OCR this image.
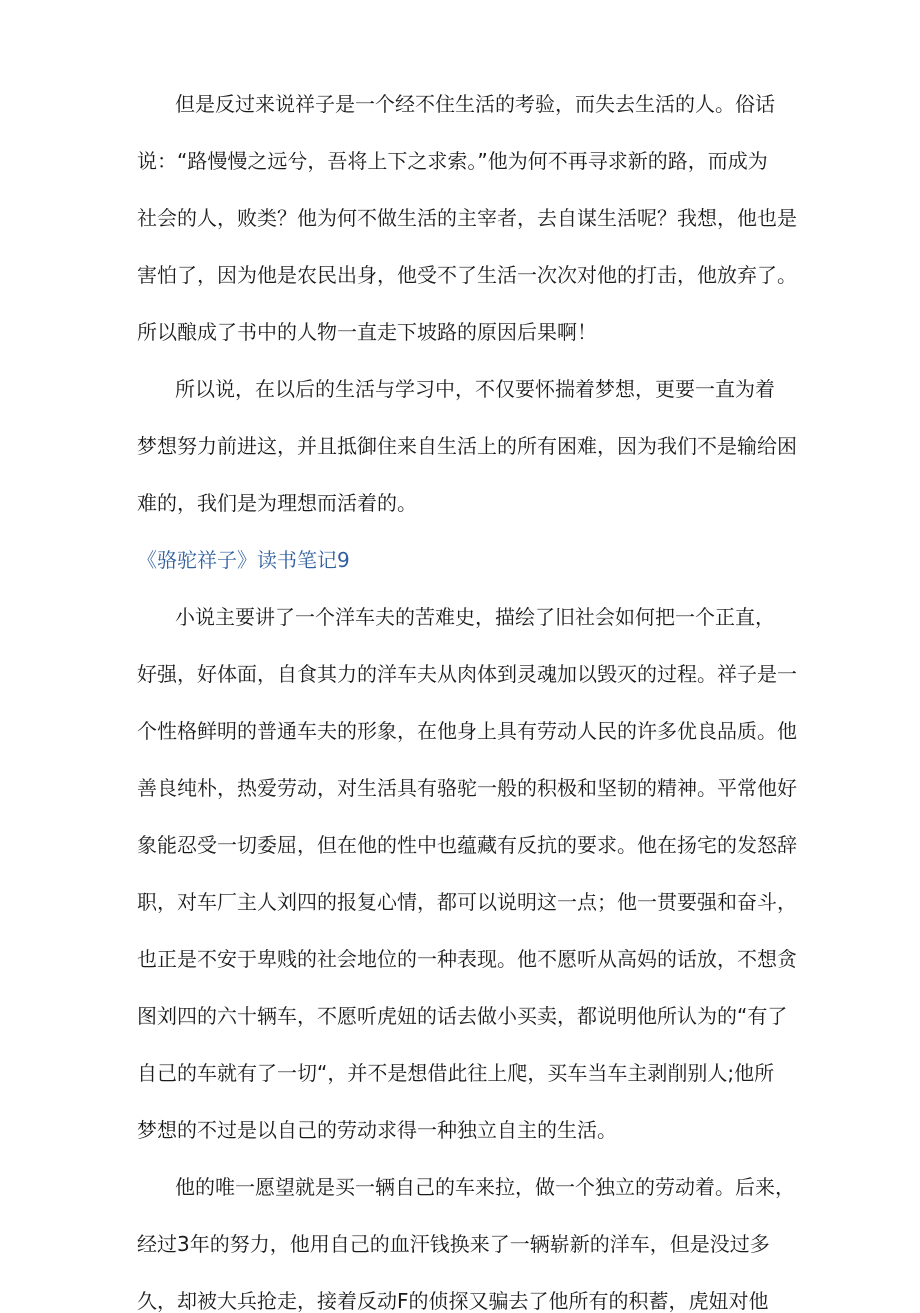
但是反过来说祥子是一个经不住生活的考验，而失去生活的人。俗话
说：“路慢慢之远兮，吾将上下之求索。”他为何不再寻求新的路，而成为
社会的人，败类？他为何不做生活的主宰者，去自谋生活呢？我想，他也是
害怕了，因为他是农民出身，他受不了生活一次次对他的打击，他放弃了。
所以酿成了书中的人物一直走下坡路的原因后果啊！
所以说，在以后的生活与学习中，不仅要怀揣着梦想，更要一直为着
梦想努力前进这，并且抵御住来自生活上的所有困难，因为我们不是输给困
难的，我们是为理想而活着的。
《骆驼祥子》读书笔记9
小说主要讲了一个洋车夫的苦难史，描绘了旧社会如何把一个正直，
好强，好体面，自食其力的洋车夫从肉体到灵魂加以毁灭的过程。祥子是一
个性格鲜明的普通车夫的形象，在他身上具有劳动人民的许多优良品质。他
善良纯朴，热爱劳动，对生活具有骆驼一般的积极和坚韧的精神。平常他好
象能忍受一切委屈，但在他的性中也蕴藏有反抗的要求。他在扬宅的发怒辞
职，对车厂主人刘四的报复心情，都可以说明这一点；他一贯要强和奋斗，
也正是不安于卑贱的社会地位的一种表现。他不愿听从高妈的话放，不想贪
图刘四的六十辆车，不愿听虎妞的话去做小买卖，都说明他所认为的“有了
自己的车就有了一切“，并不是想借此往上爬，买车当车主剥削别人;他所
梦想的不过是以自己的劳动求得一种独立自主的生活。
他的唯一愿望就是买一辆自己的车来拉，做一个独立的劳动着。后来，
经过3年的努力，他用自己的血汗钱换来了一辆崭新的洋车，但是没过多
久，却被大兵抢走，接着反动F的侦探又骗去了他所有的积蓄，虎妞对他
